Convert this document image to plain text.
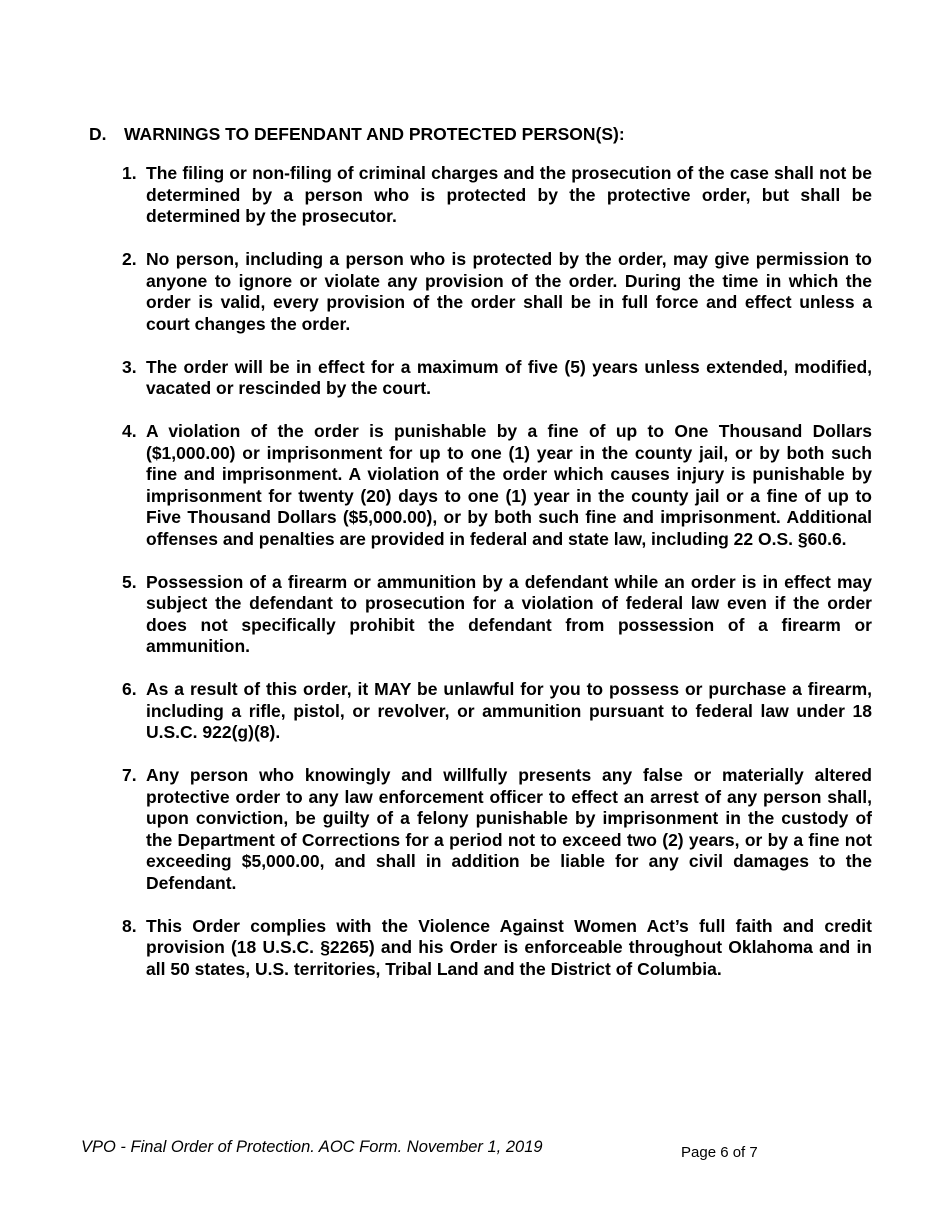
D. WARNINGS TO DEFENDANT AND PROTECTED PERSON(S):
1. The filing or non-filing of criminal charges and the prosecution of the case shall not be determined by a person who is protected by the protective order, but shall be determined by the prosecutor.
2. No person, including a person who is protected by the order, may give permission to anyone to ignore or violate any provision of the order. During the time in which the order is valid, every provision of the order shall be in full force and effect unless a court changes the order.
3. The order will be in effect for a maximum of five (5) years unless extended, modified, vacated or rescinded by the court.
4. A violation of the order is punishable by a fine of up to One Thousand Dollars ($1,000.00) or imprisonment for up to one (1) year in the county jail, or by both such fine and imprisonment. A violation of the order which causes injury is punishable by imprisonment for twenty (20) days to one (1) year in the county jail or a fine of up to Five Thousand Dollars ($5,000.00), or by both such fine and imprisonment. Additional offenses and penalties are provided in federal and state law, including 22 O.S. §60.6.
5. Possession of a firearm or ammunition by a defendant while an order is in effect may subject the defendant to prosecution for a violation of federal law even if the order does not specifically prohibit the defendant from possession of a firearm or ammunition.
6. As a result of this order, it MAY be unlawful for you to possess or purchase a firearm, including a rifle, pistol, or revolver, or ammunition pursuant to federal law under 18 U.S.C. 922(g)(8).
7. Any person who knowingly and willfully presents any false or materially altered protective order to any law enforcement officer to effect an arrest of any person shall, upon conviction, be guilty of a felony punishable by imprisonment in the custody of the Department of Corrections for a period not to exceed two (2) years, or by a fine not exceeding $5,000.00, and shall in addition be liable for any civil damages to the Defendant.
8. This Order complies with the Violence Against Women Act’s full faith and credit provision (18 U.S.C. §2265) and his Order is enforceable throughout Oklahoma and in all 50 states, U.S. territories, Tribal Land and the District of Columbia.
VPO - Final Order of Protection. AOC Form. November 1, 2019	Page 6 of 7
